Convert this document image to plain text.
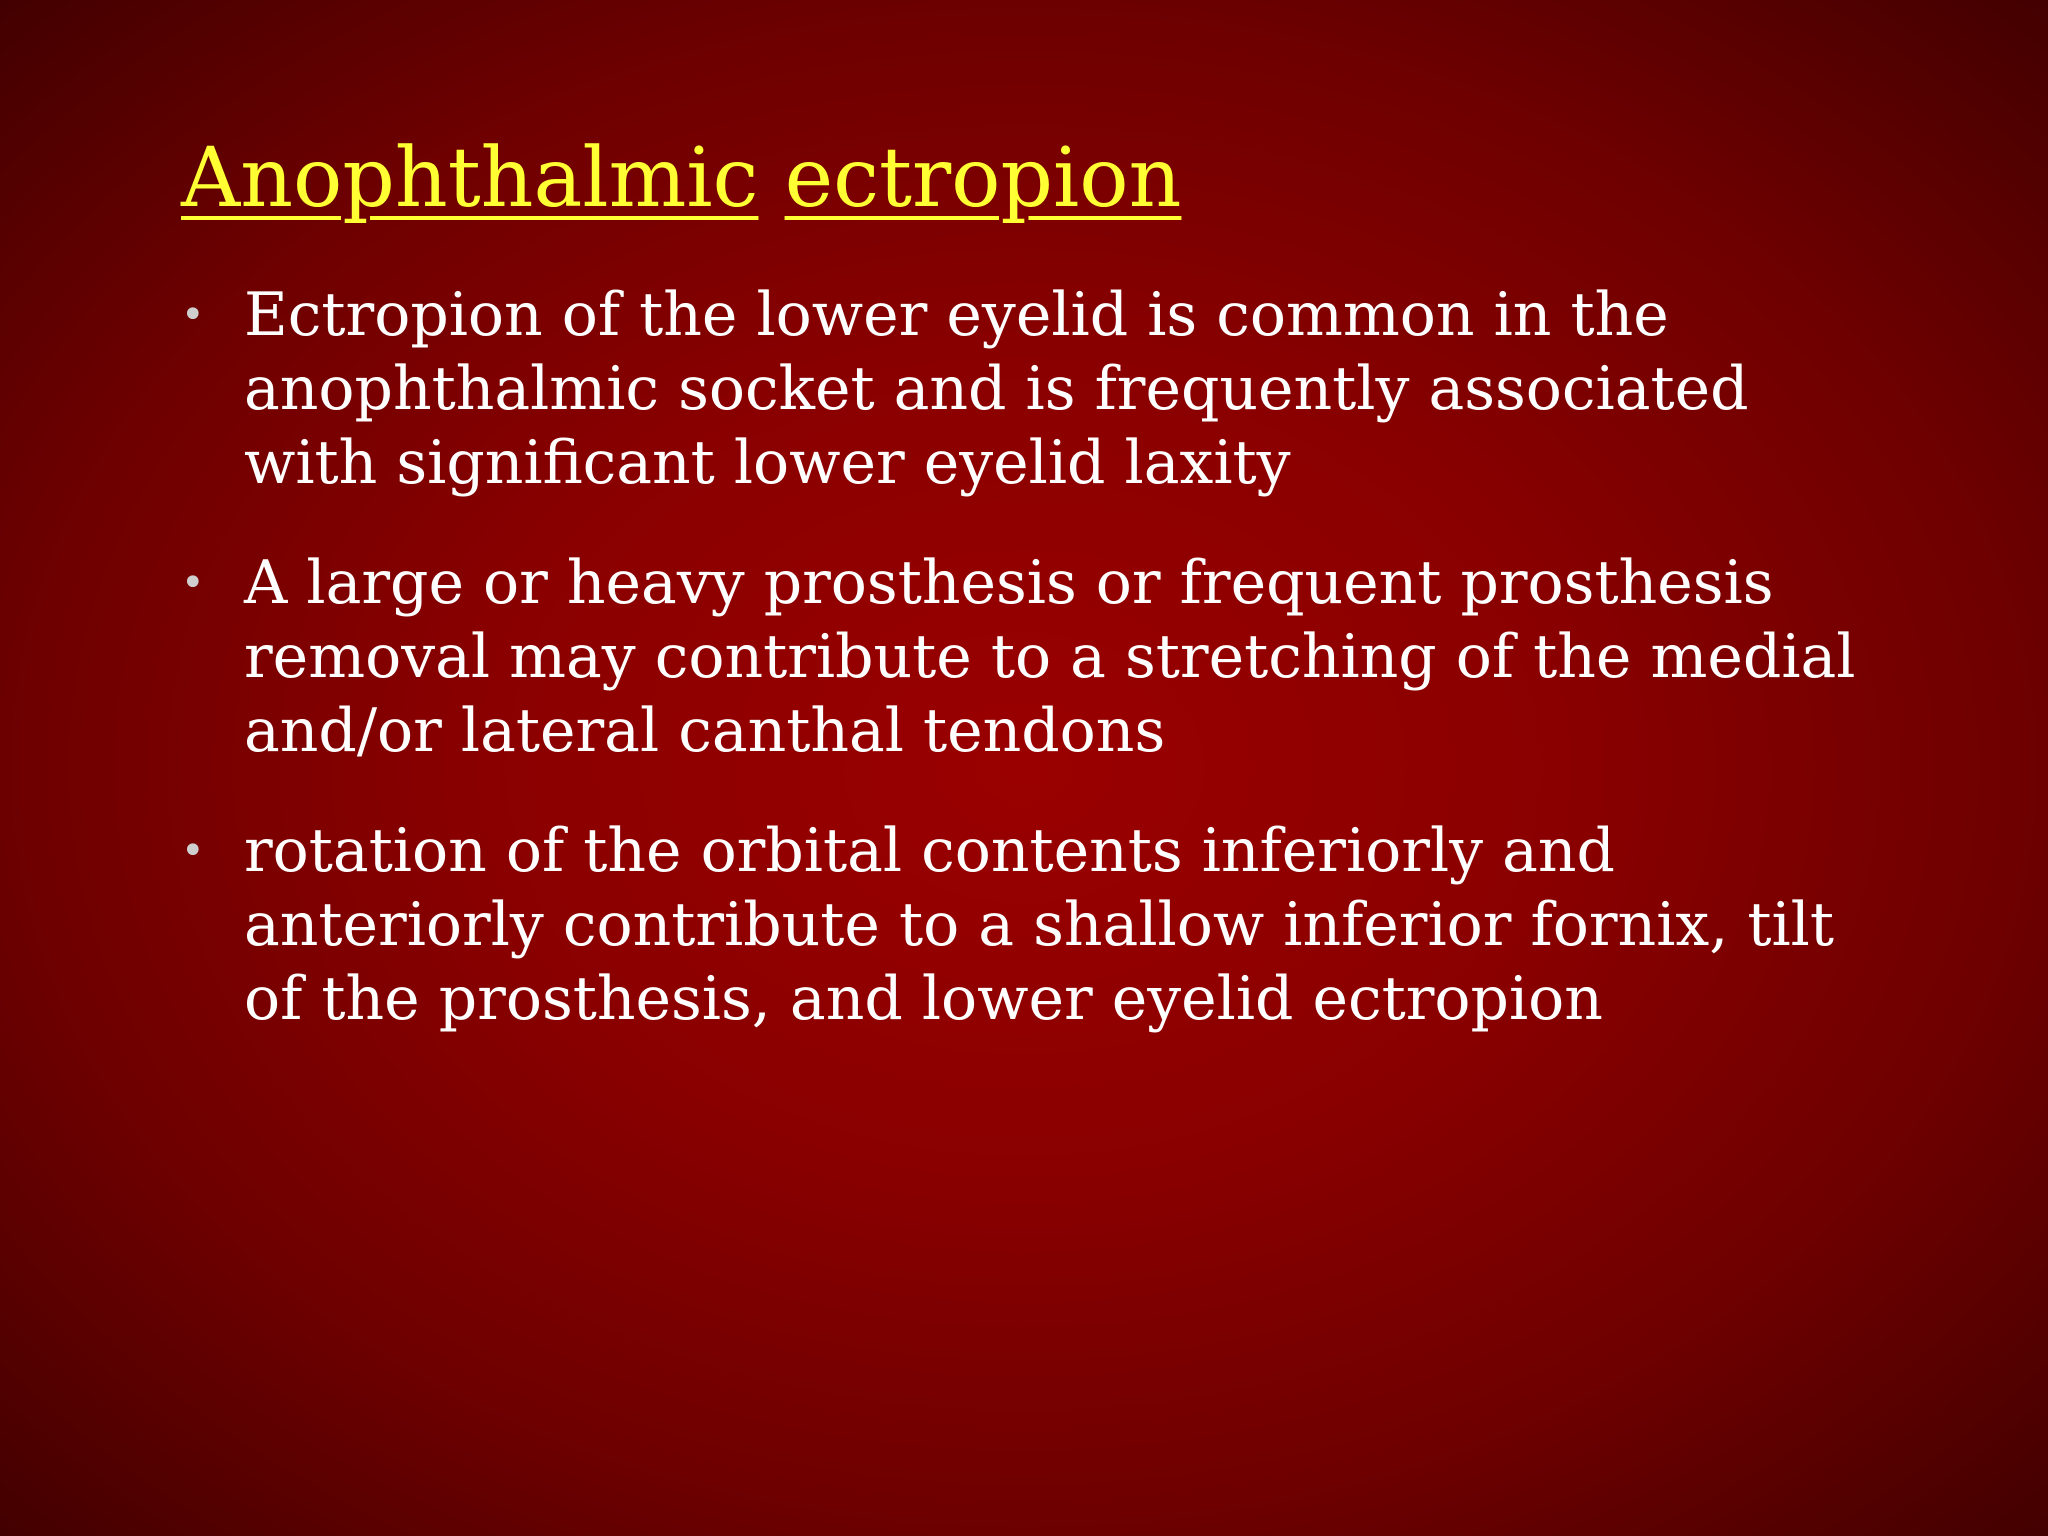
Anophthalmic ectropion
• Ectropion of the lower eyelid is common in the anophthalmic socket and is frequently associated with significant lower eyelid laxity
• A large or heavy prosthesis or frequent prosthesis removal may contribute to a stretching of the medial and/or lateral canthal tendons
• rotation of the orbital contents inferiorly and anteriorly contribute to a shallow inferior fornix, tilt of the prosthesis, and lower eyelid ectropion
